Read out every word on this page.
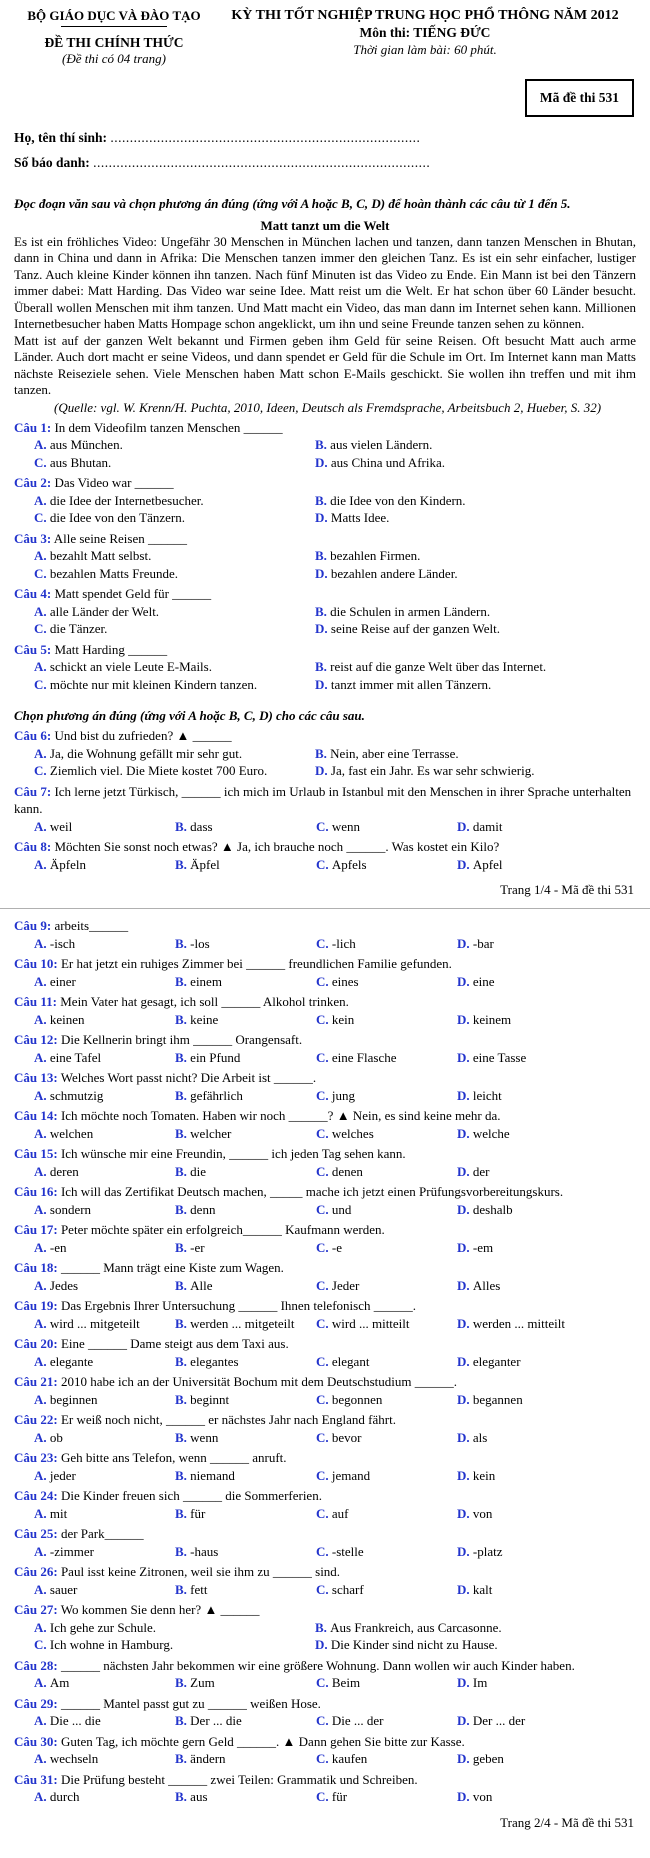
BỘ GIÁO DỤC VÀ ĐÀO TẠO
ĐỀ THI CHÍNH THỨC
(Đề thi có 04 trang)
KỲ THI TỐT NGHIỆP TRUNG HỌC PHỔ THÔNG NĂM 2012
Môn thi: TIẾNG ĐỨC
Thời gian làm bài: 60 phút.
Mã đề thi 531
Họ, tên thí sinh: ................................................................................
Số báo danh: .......................................................................................
Đọc đoạn văn sau và chọn phương án đúng (ứng với A hoặc B, C, D) để hoàn thành các câu từ 1 đến 5.
Matt tanzt um die Welt
Es ist ein fröhliches Video: Ungefähr 30 Menschen in München lachen und tanzen, dann tanzen Menschen in Bhutan, dann in China und dann in Afrika: Die Menschen tanzen immer den gleichen Tanz. Es ist ein sehr einfacher, lustiger Tanz. Auch kleine Kinder können ihn tanzen. Nach fünf Minuten ist das Video zu Ende. Ein Mann ist bei den Tänzern immer dabei: Matt Harding. Das Video war seine Idee. Matt reist um die Welt. Er hat schon über 60 Länder besucht. Überall wollen Menschen mit ihm tanzen. Und Matt macht ein Video, das man dann im Internet sehen kann. Millionen Internetbesucher haben Matts Hompage schon angeklickt, um ihn und seine Freunde tanzen sehen zu können.
Matt ist auf der ganzen Welt bekannt und Firmen geben ihm Geld für seine Reisen. Oft besucht Matt auch arme Länder. Auch dort macht er seine Videos, und dann spendet er Geld für die Schule im Ort. Im Internet kann man Matts nächste Reiseziele sehen. Viele Menschen haben Matt schon E-Mails geschickt. Sie wollen ihn treffen und mit ihm tanzen.
(Quelle: vgl. W. Krenn/H. Puchta, 2010, Ideen, Deutsch als Fremdsprache, Arbeitsbuch 2, Hueber, S. 32)
Câu 1: In dem Videofilm tanzen Menschen ______
A. aus München.	B. aus vielen Ländern.
C. aus Bhutan.	D. aus China und Afrika.
Câu 2: Das Video war ______
A. die Idee der Internetbesucher.	B. die Idee von den Kindern.
C. die Idee von den Tänzern.	D. Matts Idee.
Câu 3: Alle seine Reisen ______
A. bezahlt Matt selbst.	B. bezahlen Firmen.
C. bezahlen Matts Freunde.	D. bezahlen andere Länder.
Câu 4: Matt spendet Geld für ______
A. alle Länder der Welt.	B. die Schulen in armen Ländern.
C. die Tänzer.	D. seine Reise auf der ganzen Welt.
Câu 5: Matt Harding ______
A. schickt an viele Leute E-Mails.	B. reist auf die ganze Welt über das Internet.
C. möchte nur mit kleinen Kindern tanzen.	D. tanzt immer mit allen Tänzern.
Chọn phương án đúng (ứng với A hoặc B, C, D) cho các câu sau.
Câu 6: Und bist du zufrieden? ▲ ______
A. Ja, die Wohnung gefällt mir sehr gut.	B. Nein, aber eine Terrasse.
C. Ziemlich viel. Die Miete kostet 700 Euro.	D. Ja, fast ein Jahr. Es war sehr schwierig.
Câu 7: Ich lerne jetzt Türkisch, ______ ich mich im Urlaub in Istanbul mit den Menschen in ihrer Sprache unterhalten kann.
A. weil	B. dass	C. wenn	D. damit
Câu 8: Möchten Sie sonst noch etwas? ▲ Ja, ich brauche noch ______. Was kostet ein Kilo?
A. Äpfeln	B. Äpfel	C. Apfels	D. Apfel
Trang 1/4 - Mã đề thi 531
Câu 9: arbeits______
A. -isch	B. -los	C. -lich	D. -bar
Câu 10: Er hat jetzt ein ruhiges Zimmer bei ______ freundlichen Familie gefunden.
A. einer	B. einem	C. eines	D. eine
Câu 11: Mein Vater hat gesagt, ich soll ______ Alkohol trinken.
A. keinen	B. keine	C. kein	D. keinem
Câu 12: Die Kellnerin bringt ihm ______ Orangensaft.
A. eine Tafel	B. ein Pfund	C. eine Flasche	D. eine Tasse
Câu 13: Welches Wort passt nicht? Die Arbeit ist ______.
A. schmutzig	B. gefährlich	C. jung	D. leicht
Câu 14: Ich möchte noch Tomaten. Haben wir noch ______? ▲ Nein, es sind keine mehr da.
A. welchen	B. welcher	C. welches	D. welche
Câu 15: Ich wünsche mir eine Freundin, ______ ich jeden Tag sehen kann.
A. deren	B. die	C. denen	D. der
Câu 16: Ich will das Zertifikat Deutsch machen, _____ mache ich jetzt einen Prüfungsvorbereitungskurs.
A. sondern	B. denn	C. und	D. deshalb
Câu 17: Peter möchte später ein erfolgreich______ Kaufmann werden.
A. -en	B. -er	C. -e	D. -em
Câu 18: ______ Mann trägt eine Kiste zum Wagen.
A. Jedes	B. Alle	C. Jeder	D. Alles
Câu 19: Das Ergebnis Ihrer Untersuchung ______ Ihnen telefonisch ______.
A. wird ... mitgeteilt	B. werden ... mitgeteilt	C. wird ... mitteilt	D. werden ... mitteilt
Câu 20: Eine ______ Dame steigt aus dem Taxi aus.
A. elegante	B. elegantes	C. elegant	D. eleganter
Câu 21: 2010 habe ich an der Universität Bochum mit dem Deutschstudium ______.
A. beginnen	B. beginnt	C. begonnen	D. begannen
Câu 22: Er weiß noch nicht, ______ er nächstes Jahr nach England fährt.
A. ob	B. wenn	C. bevor	D. als
Câu 23: Geh bitte ans Telefon, wenn ______ anruft.
A. jeder	B. niemand	C. jemand	D. kein
Câu 24: Die Kinder freuen sich ______ die Sommerferien.
A. mit	B. für	C. auf	D. von
Câu 25: der Park______
A. -zimmer	B. -haus	C. -stelle	D. -platz
Câu 26: Paul isst keine Zitronen, weil sie ihm zu ______ sind.
A. sauer	B. fett	C. scharf	D. kalt
Câu 27: Wo kommen Sie denn her? ▲ ______
A. Ich gehe zur Schule.	B. Aus Frankreich, aus Carcasonne.
C. Ich wohne in Hamburg.	D. Die Kinder sind nicht zu Hause.
Câu 28: ______ nächsten Jahr bekommen wir eine größere Wohnung. Dann wollen wir auch Kinder haben.
A. Am	B. Zum	C. Beim	D. Im
Câu 29: ______ Mantel passt gut zu ______ weißen Hose.
A. Die ... die	B. Der ... die	C. Die ... der	D. Der ... der
Câu 30: Guten Tag, ich möchte gern Geld ______. ▲ Dann gehen Sie bitte zur Kasse.
A. wechseln	B. ändern	C. kaufen	D. geben
Câu 31: Die Prüfung besteht ______ zwei Teilen: Grammatik und Schreiben.
A. durch	B. aus	C. für	D. von
Trang 2/4 - Mã đề thi 531
